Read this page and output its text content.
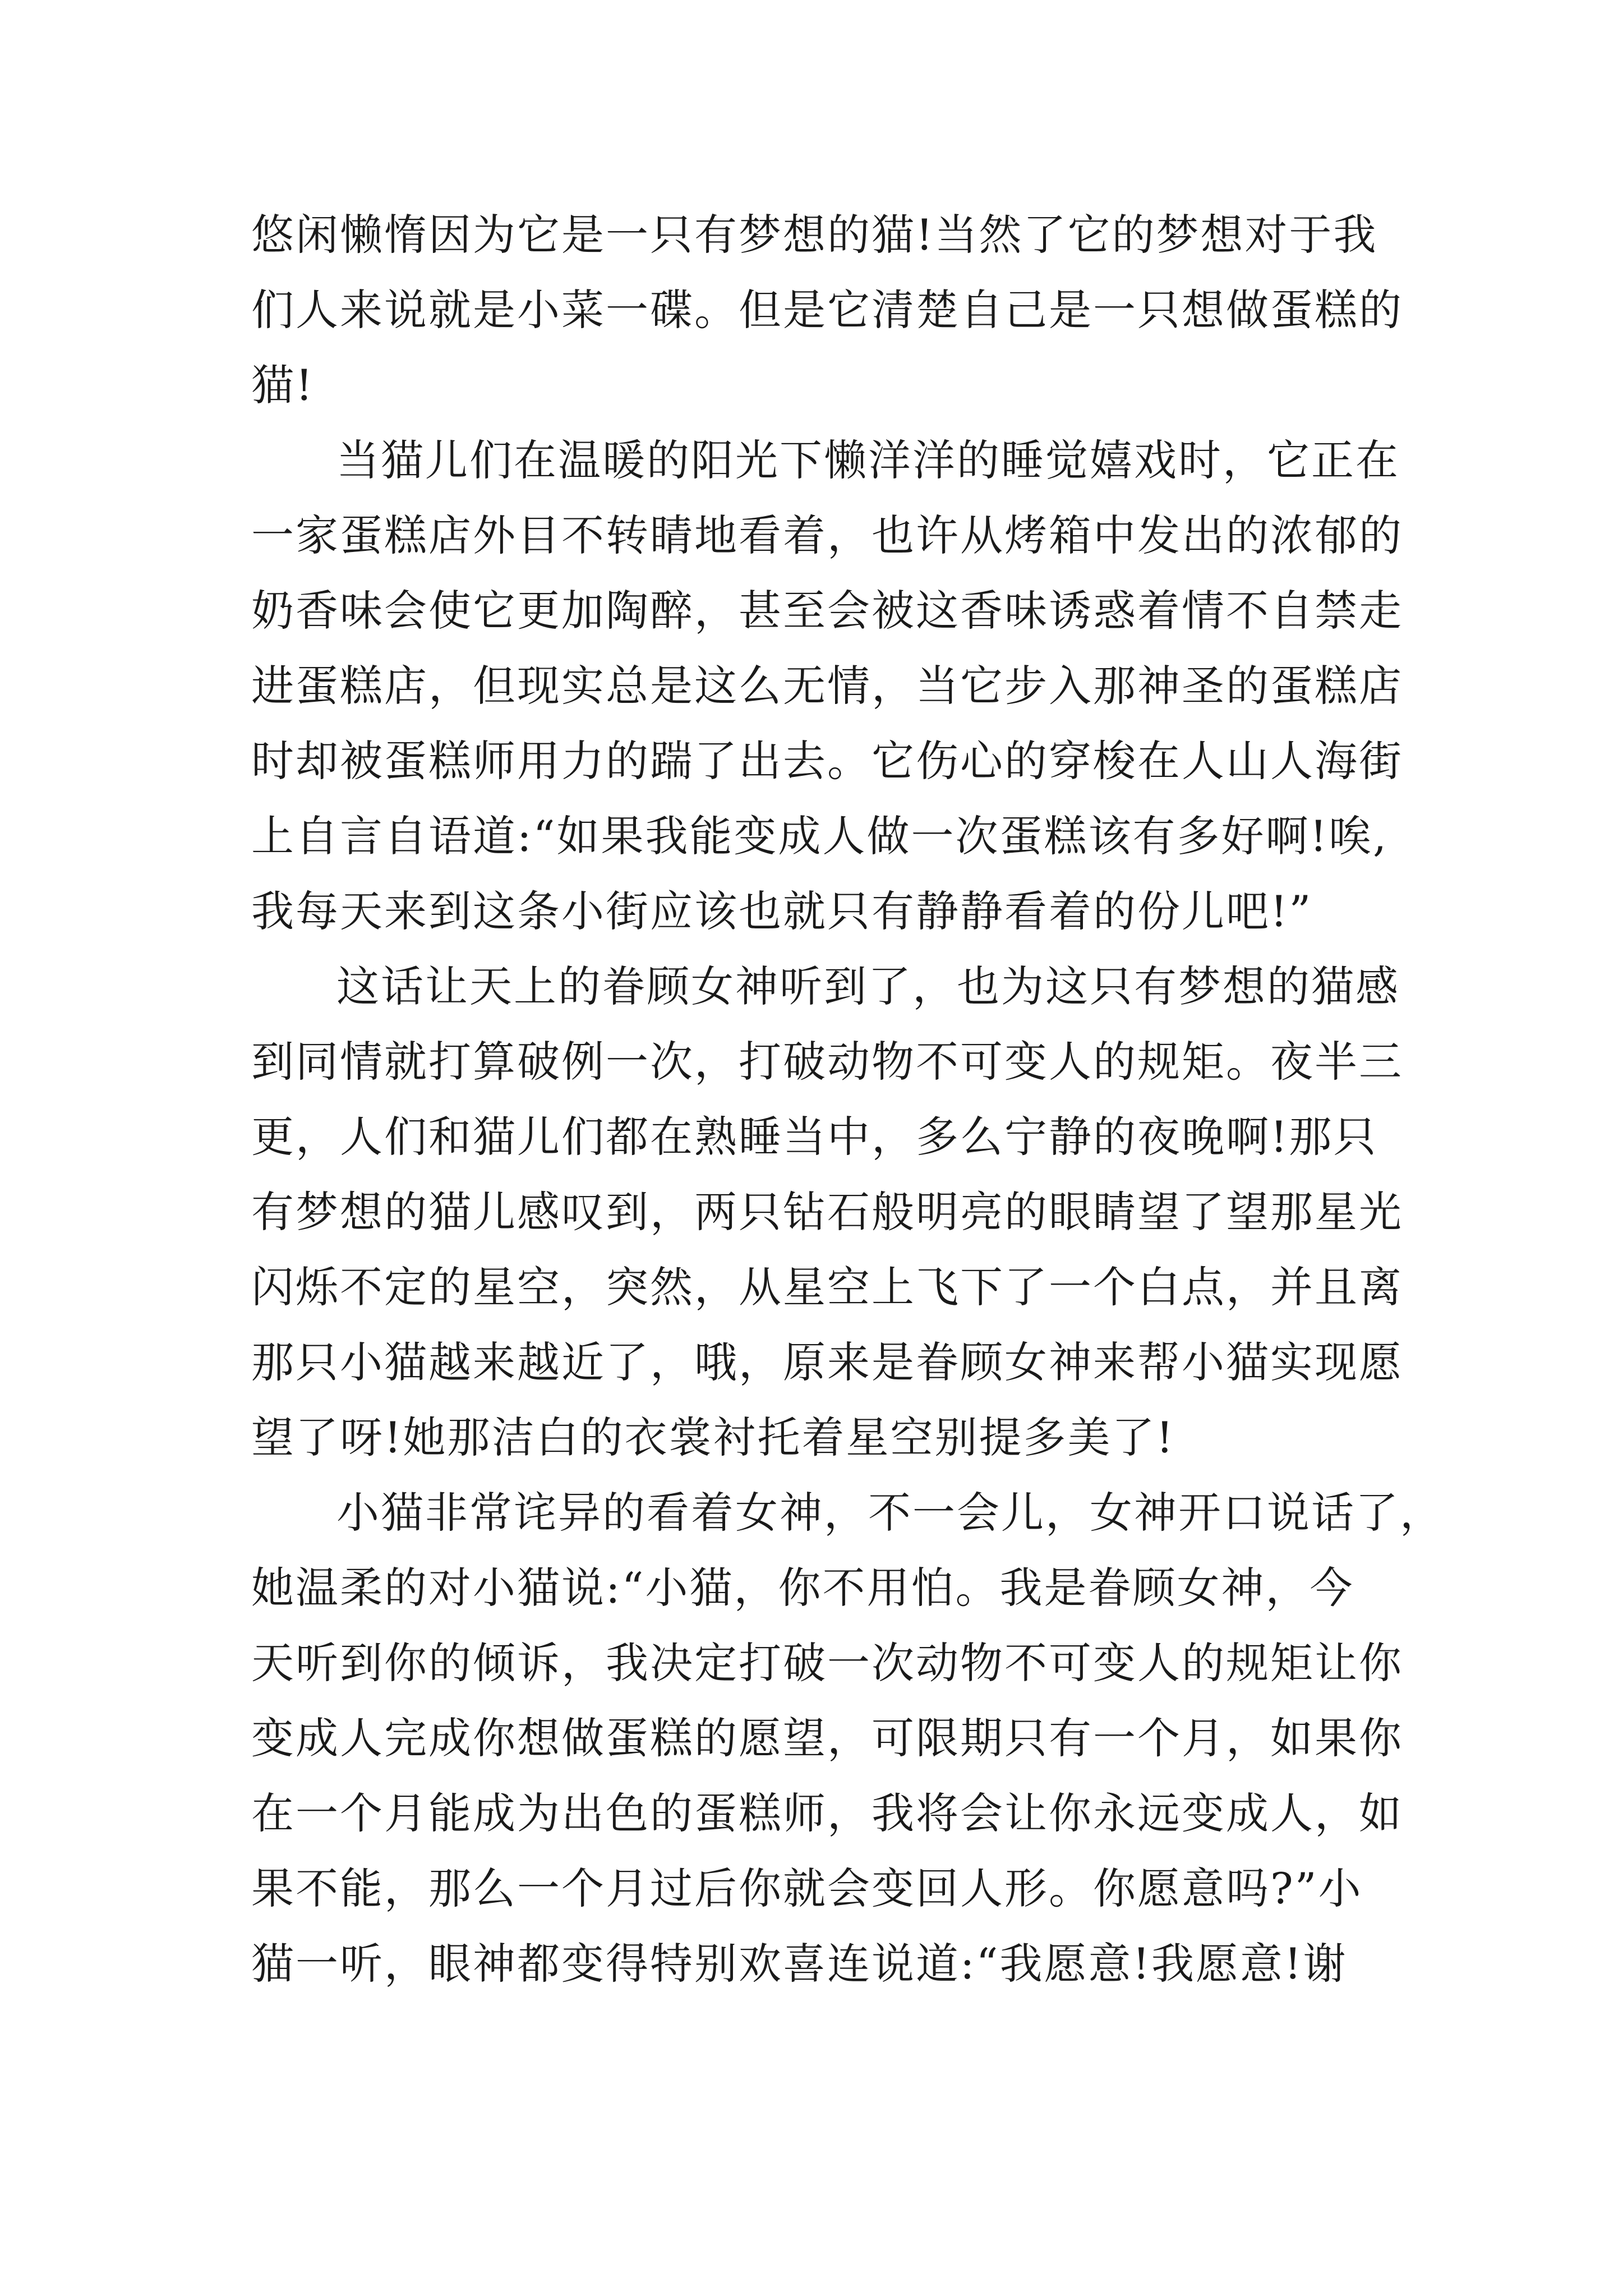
悠闲懒惰因为它是一只有梦想的猫!当然了它的梦想对于我
们人来说就是小菜一碟。但是它清楚自己是一只想做蛋糕的
猫!
当猫儿们在温暖的阳光下懒洋洋的睡觉嬉戏时，它正在
一家蛋糕店外目不转睛地看着，也许从烤箱中发出的浓郁的
奶香味会使它更加陶醉，甚至会被这香味诱惑着情不自禁走
进蛋糕店，但现实总是这么无情，当它步入那神圣的蛋糕店
时却被蛋糕师用力的踹了出去。它伤心的穿梭在人山人海街
上自言自语道:“如果我能变成人做一次蛋糕该有多好啊!唉,
我每天来到这条小街应该也就只有静静看着的份儿吧!”
这话让天上的眷顾女神听到了，也为这只有梦想的猫感
到同情就打算破例一次，打破动物不可变人的规矩。夜半三
更，人们和猫儿们都在熟睡当中，多么宁静的夜晚啊!那只
有梦想的猫儿感叹到，两只钻石般明亮的眼睛望了望那星光
闪烁不定的星空，突然，从星空上飞下了一个白点，并且离
那只小猫越来越近了，哦，原来是眷顾女神来帮小猫实现愿
望了呀!她那洁白的衣裳衬托着星空别提多美了!
小猫非常诧异的看着女神，不一会儿，女神开口说话了，
她温柔的对小猫说:“小猫，你不用怕。我是眷顾女神，今
天听到你的倾诉，我决定打破一次动物不可变人的规矩让你
变成人完成你想做蛋糕的愿望，可限期只有一个月，如果你
在一个月能成为出色的蛋糕师，我将会让你永远变成人，如
果不能，那么一个月过后你就会变回人形。你愿意吗?”小
猫一听，眼神都变得特别欢喜连说道:“我愿意!我愿意!谢
